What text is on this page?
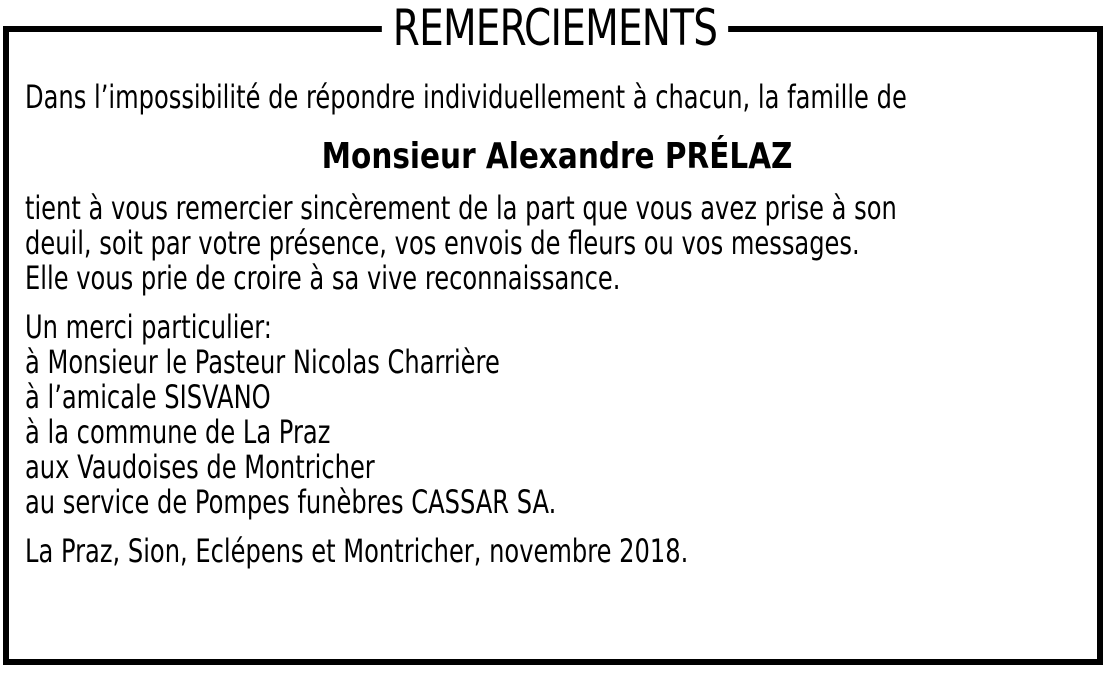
REMERCIEMENTS
Dans l’impossibilité de répondre individuellement à chacun, la famille de
Monsieur Alexandre PRÉLAZ
tient à vous remercier sincèrement de la part que vous avez prise à son
deuil, soit par votre présence, vos envois de fleurs ou vos messages.
Elle vous prie de croire à sa vive reconnaissance.
Un merci particulier:
à Monsieur le Pasteur Nicolas Charrière
à l’amicale SISVANO
à la commune de La Praz
aux Vaudoises de Montricher
au service de Pompes funèbres CASSAR SA.
La Praz, Sion, Eclépens et Montricher, novembre 2018.
